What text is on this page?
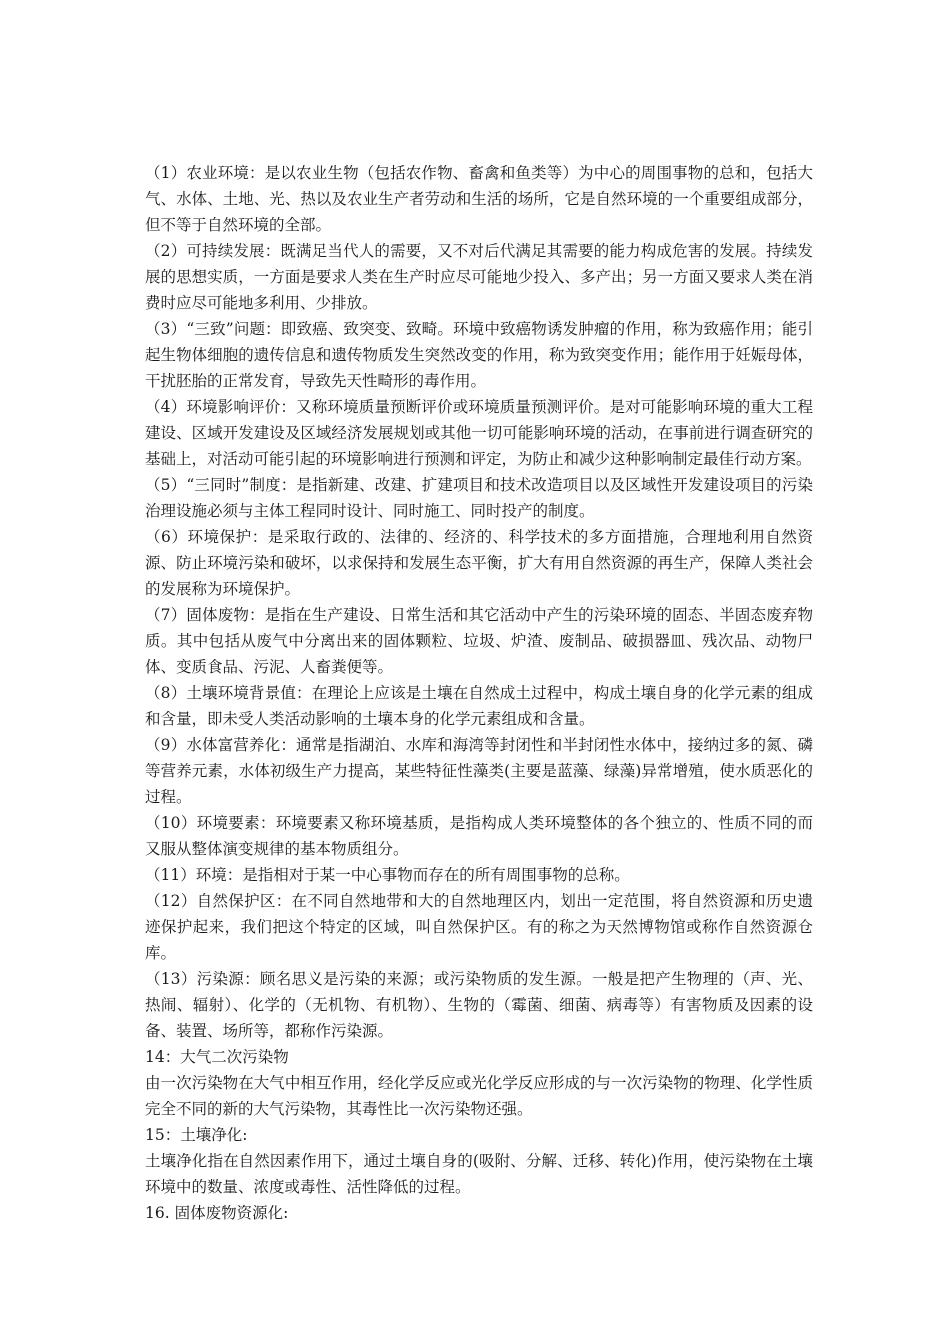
（1）农业环境：是以农业生物（包括农作物、畜禽和鱼类等）为中心的周围事物的总和，包括大气、水体、土地、光、热以及农业生产者劳动和生活的场所，它是自然环境的一个重要组成部分，但不等于自然环境的全部。

（2）可持续发展：既满足当代人的需要，又不对后代满足其需要的能力构成危害的发展。持续发展的思想实质，一方面是要求人类在生产时应尽可能地少投入、多产出；另一方面又要求人类在消费时应尽可能地多利用、少排放。

（3）“三致”问题：即致癌、致突变、致畸。环境中致癌物诱发肿瘤的作用，称为致癌作用；能引起生物体细胞的遗传信息和遗传物质发生突然改变的作用，称为致突变作用；能作用于妊娠母体，干扰胚胎的正常发育，导致先天性畸形的毒作用。

（4）环境影响评价：又称环境质量预断评价或环境质量预测评价。是对可能影响环境的重大工程建设、区域开发建设及区域经济发展规划或其他一切可能影响环境的活动，在事前进行调查研究的基础上，对活动可能引起的环境影响进行预测和评定，为防止和减少这种影响制定最佳行动方案。

（5）“三同时”制度：是指新建、改建、扩建项目和技术改造项目以及区域性开发建设项目的污染治理设施必须与主体工程同时设计、同时施工、同时投产的制度。

（6）环境保护：是采取行政的、法律的、经济的、科学技术的多方面措施，合理地利用自然资源、防止环境污染和破坏，以求保持和发展生态平衡，扩大有用自然资源的再生产，保障人类社会的发展称为环境保护。

（7）固体废物：是指在生产建设、日常生活和其它活动中产生的污染环境的固态、半固态废弃物质。其中包括从废气中分离出来的固体颗粒、垃圾、炉渣、废制品、破损器皿、残次品、动物尸体、变质食品、污泥、人畜粪便等。

（8）土壤环境背景值：在理论上应该是土壤在自然成土过程中，构成土壤自身的化学元素的组成和含量，即未受人类活动影响的土壤本身的化学元素组成和含量。

（9）水体富营养化：通常是指湖泊、水库和海湾等封闭性和半封闭性水体中，接纳过多的氮、磷等营养元素，水体初级生产力提高，某些特征性藻类(主要是蓝藻、绿藻)异常增殖，使水质恶化的过程。

（10）环境要素：环境要素又称环境基质，是指构成人类环境整体的各个独立的、性质不同的而又服从整体演变规律的基本物质组分。

（11）环境：是指相对于某一中心事物而存在的所有周围事物的总称。

（12）自然保护区：在不同自然地带和大的自然地理区内，划出一定范围，将自然资源和历史遗迹保护起来，我们把这个特定的区域，叫自然保护区。有的称之为天然博物馆或称作自然资源仓库。

（13）污染源：顾名思义是污染的来源；或污染物质的发生源。一般是把产生物理的（声、光、热闹、辐射）、化学的（无机物、有机物）、生物的（霉菌、细菌、病毒等）有害物质及因素的设备、装置、场所等，都称作污染源。

14：大气二次污染物

由一次污染物在大气中相互作用，经化学反应或光化学反应形成的与一次污染物的物理、化学性质完全不同的新的大气污染物，其毒性比一次污染物还强。

15：土壤净化:

土壤净化指在自然因素作用下，通过土壤自身的(吸附、分解、迁移、转化)作用，使污染物在土壤环境中的数量、浓度或毒性、活性降低的过程。

16. 固体废物资源化:
